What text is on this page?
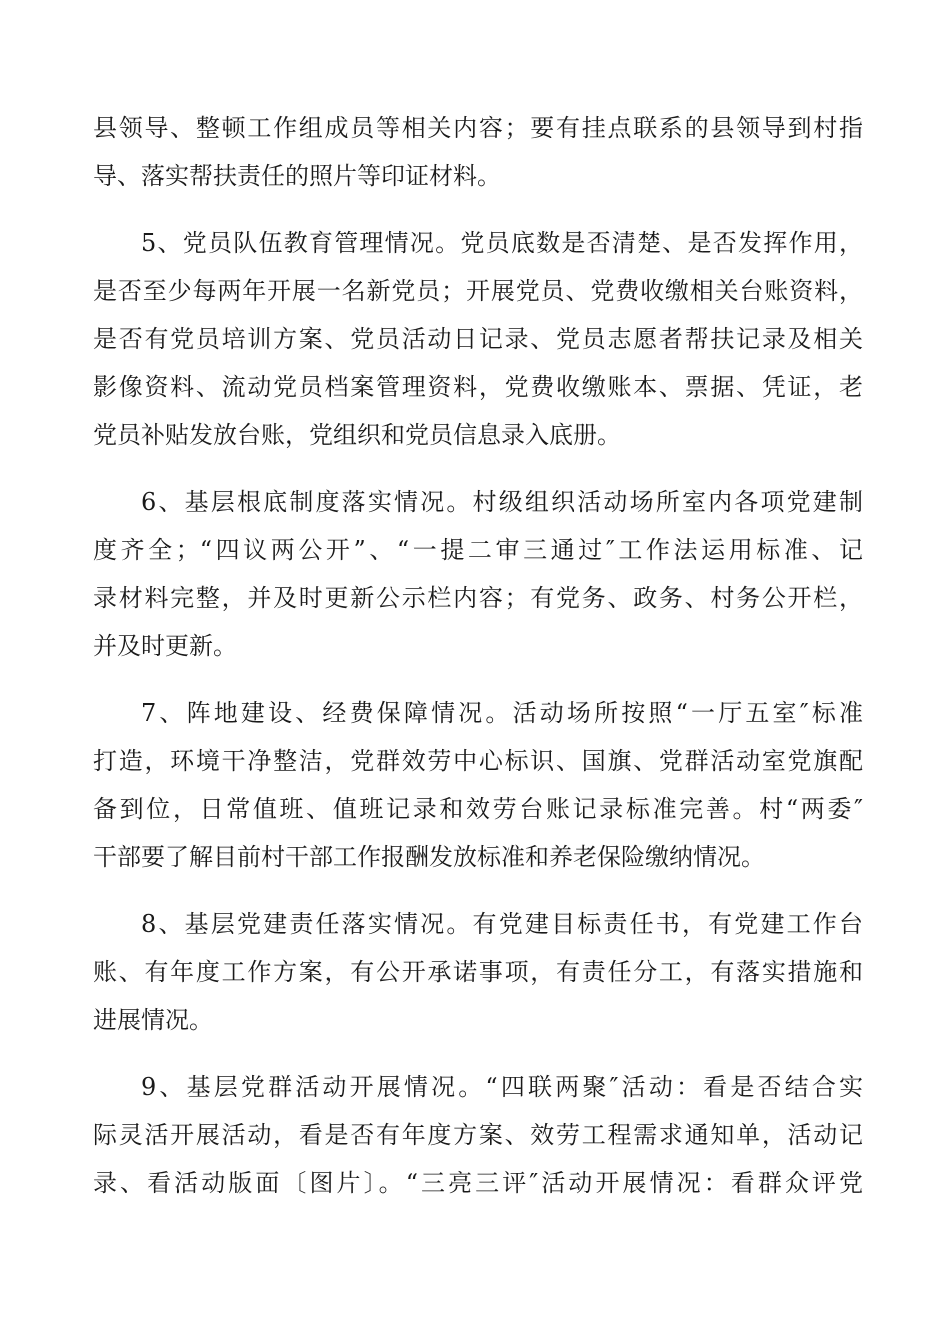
县领导、整顿工作组成员等相关内容；要有挂点联系的县领导到村指
导、落实帮扶责任的照片等印证材料。
5、党员队伍教育管理情况。党员底数是否清楚、是否发挥作用，
是否至少每两年开展一名新党员；开展党员、党费收缴相关台账资料，
是否有党员培训方案、党员活动日记录、党员志愿者帮扶记录及相关
影像资料、流动党员档案管理资料，党费收缴账本、票据、凭证，老
党员补贴发放台账，党组织和党员信息录入底册。
6、基层根底制度落实情况。村级组织活动场所室内各项党建制
度齐全；“四议两公开”、“一提二审三通过″工作法运用标准、记
录材料完整，并及时更新公示栏内容；有党务、政务、村务公开栏，
并及时更新。
7、阵地建设、经费保障情况。活动场所按照“一厅五室″标准
打造，环境干净整洁，党群效劳中心标识、国旗、党群活动室党旗配
备到位，日常值班、值班记录和效劳台账记录标准完善。村“两委″
干部要了解目前村干部工作报酬发放标准和养老保险缴纳情况。
8、基层党建责任落实情况。有党建目标责任书，有党建工作台
账、有年度工作方案，有公开承诺事项，有责任分工，有落实措施和
进展情况。
9、基层党群活动开展情况。“四联两聚″活动：看是否结合实
际灵活开展活动，看是否有年度方案、效劳工程需求通知单，活动记
录、看活动版面〔图片〕。“三亮三评″活动开展情况：看群众评党
